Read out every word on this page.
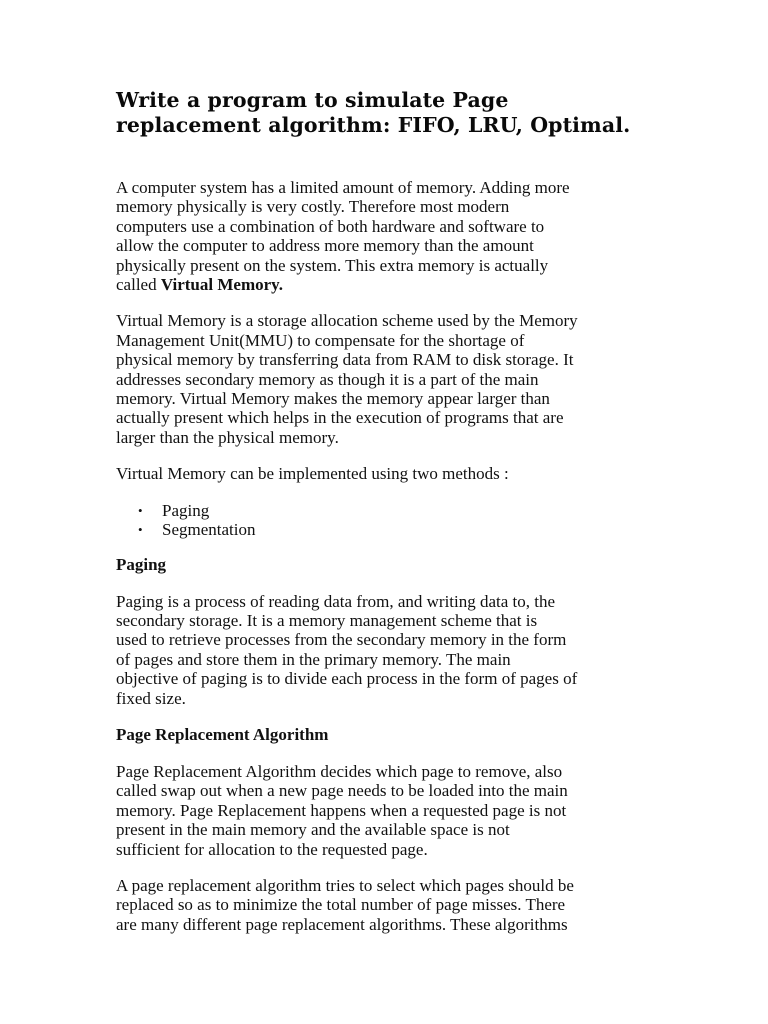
Write a program to simulate Page
replacement algorithm: FIFO, LRU, Optimal.

A computer system has a limited amount of memory. Adding more
memory physically is very costly. Therefore most modern
computers use a combination of both hardware and software to
allow the computer to address more memory than the amount
physically present on the system. This extra memory is actually
called Virtual Memory.

Virtual Memory is a storage allocation scheme used by the Memory
Management Unit(MMU) to compensate for the shortage of
physical memory by transferring data from RAM to disk storage. It
addresses secondary memory as though it is a part of the main
memory. Virtual Memory makes the memory appear larger than
actually present which helps in the execution of programs that are
larger than the physical memory.

Virtual Memory can be implemented using two methods :

• Paging
• Segmentation
Paging

Paging is a process of reading data from, and writing data to, the
secondary storage. It is a memory management scheme that is
used to retrieve processes from the secondary memory in the form
of pages and store them in the primary memory. The main
objective of paging is to divide each process in the form of pages of
fixed size.

Page Replacement Algorithm

Page Replacement Algorithm decides which page to remove, also
called swap out when a new page needs to be loaded into the main
memory. Page Replacement happens when a requested page is not
present in the main memory and the available space is not
sufficient for allocation to the requested page.

A page replacement algorithm tries to select which pages should be
replaced so as to minimize the total number of page misses. There
are many different page replacement algorithms. These algorithms
